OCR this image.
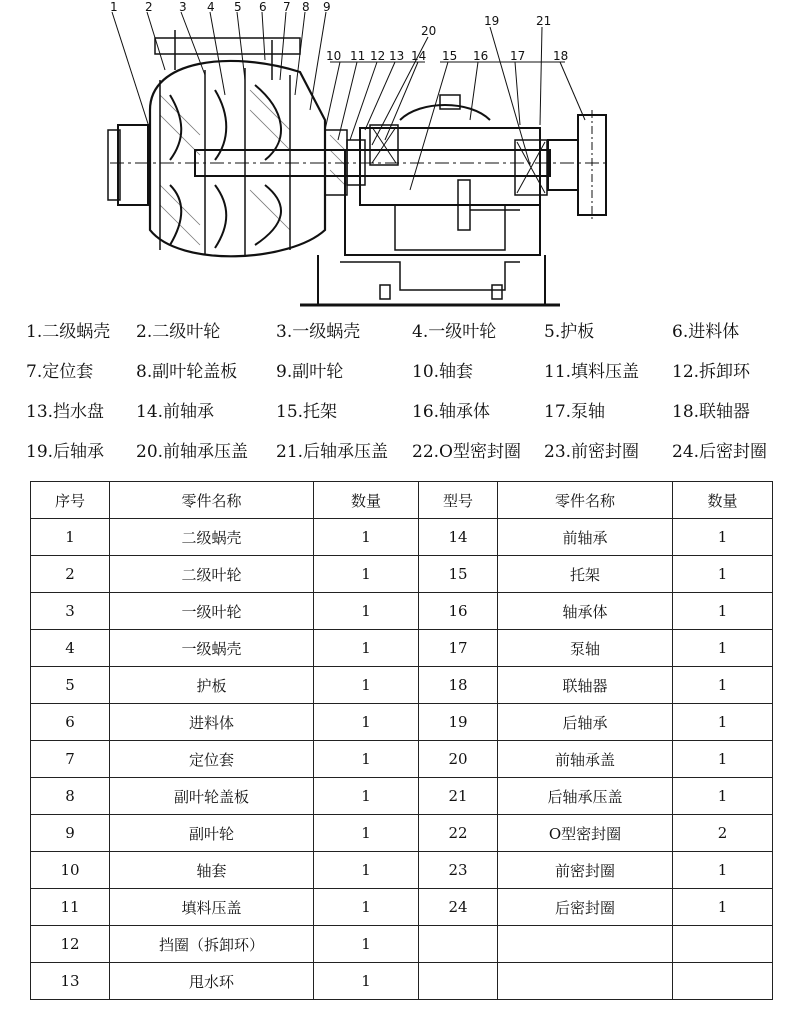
1 2 3 4 5 6 7 8 9
10 11 12 13 14 15 16 17 18
19
20
21
1.二级蜗壳 2.二级叶轮	3.一级蜗壳	4.一级叶轮	5.护板	6.进料体
7.定位套	8.副叶轮盖板 9.副叶轮	10.轴套	11.填料压盖 12.拆卸环
13.挡水盘 14.前轴承	15.托架	16.轴承体	17.泵轴	18.联轴器
19.后轴承 20.前轴承压盖 21.后轴承压盖 22.O型密封圈 23.前密封圈 24.后密封圈
序号	零件名称	数量	型号	零件名称	数量
1	二级蜗壳	1	14	前轴承	1
2	二级叶轮	1	15	托架	1
3	一级叶轮	1	16	轴承体	1
4	一级蜗壳	1	17	泵轴	1
5	护板	1	18	联轴器	1
6	进料体	1	19	后轴承	1
7	定位套	1	20	前轴承盖	1
8	副叶轮盖板	1	21	后轴承压盖	1
9	副叶轮	1	22	O型密封圈	2
10	轴套	1	23	前密封圈	1
11	填料压盖	1	24	后密封圈	1
12	挡圈（拆卸环）	1			
13	甩水环	1			
